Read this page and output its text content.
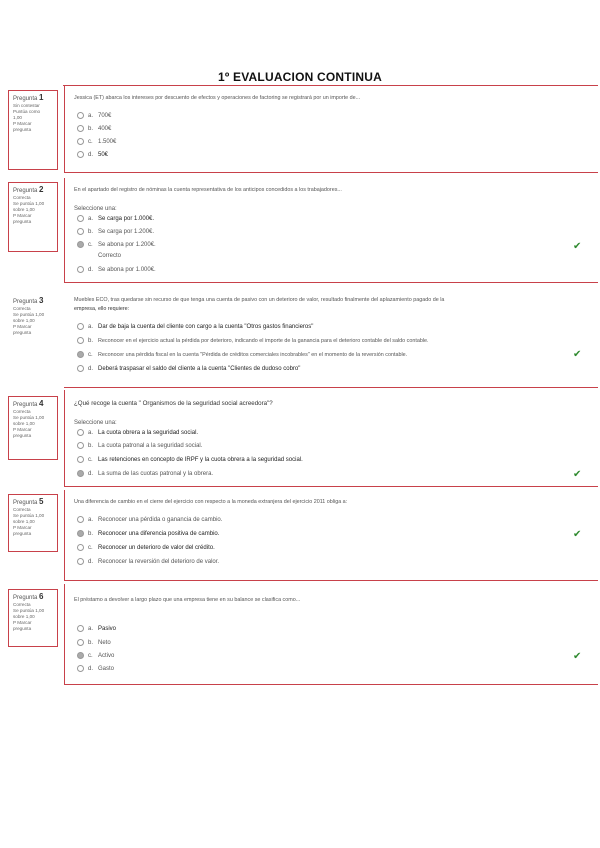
1º EVALUACION CONTINUA
Pregunta 1
Sin contestar
Puntúa como
1,00
P Marcar
pregunta
Jessica (ET) abarca los intereses por descuento de efectos y operaciones de factoring se registrará por un importe de...
a. 700€
b. 400€
c. 1.500€
d. 50€
Pregunta 2
Correcta
Se puntúa 1,00
sobre 1,00
P Marcar
pregunta
En el apartado del registro de nóminas la cuenta representativa de los anticipos concedidos a los trabajadores...
Seleccione una:
a. Se carga por 1.000€.
b. Se carga por 1.200€.
c. Se abona por 1.200€.
Correcto
d. Se abona por 1.000€.
✔
Pregunta 3
Correcta
Se puntúa 1,00
sobre 1,00
P Marcar
pregunta
Muebles ECO, tras quedarse sin recurso de que tenga una cuenta de pasivo con un deterioro de valor, resultado finalmente del aplazamiento pagado de la
empresa, ello requiere:
a. Dar de baja la cuenta del cliente con cargo a la cuenta "Otros gastos financieros"
b. Reconocer en el ejercicio actual la pérdida por deterioro, indicando el importe de la ganancia para el deterioro contable del saldo contable.
c. Reconocer una pérdida fiscal en la cuenta "Pérdida de créditos comerciales incobrables" en el momento de la reversión contable.
d. Deberá traspasar el saldo del cliente a la cuenta "Clientes de dudoso cobro"
✔
Pregunta 4
Correcta
Se puntúa 1,00
sobre 1,00
P Marcar
pregunta
¿Qué recoge la cuenta " Organismos de la seguridad social acreedora"?
Seleccione una:
a. La cuota obrera a la seguridad social.
b. La cuota patronal a la seguridad social.
c. Las retenciones en concepto de IRPF y la cuota obrera a la seguridad social.
d. La suma de las cuotas patronal y la obrera.	✔
Pregunta 5
Correcta
Se puntúa 1,00
sobre 1,00
P Marcar
pregunta
Una diferencia de cambio en el cierre del ejercicio con respecto a la moneda extranjera del ejercicio 2011 obliga a:
a. Reconocer una pérdida o ganancia de cambio.
b. Reconocer una diferencia positiva de cambio.
c. Reconocer un deterioro de valor del crédito.
d. Reconocer la reversión del deterioro de valor.
✔
Pregunta 6
Correcta
Se puntúa 1,00
sobre 1,00
P Marcar
pregunta
El préstamo a devolver a largo plazo que una empresa tiene en su balance se clasifica como...
a. Pasivo
b. Neto
c. Activo
d. Gasto
✔
